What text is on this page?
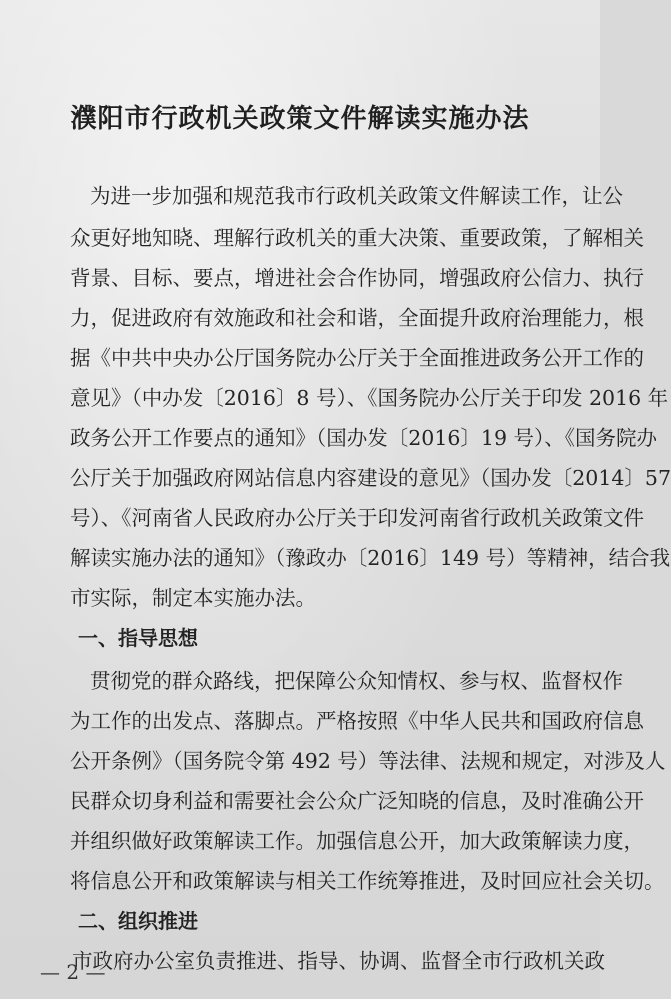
濮阳市行政机关政策文件解读实施办法
为进一步加强和规范我市行政机关政策文件解读工作，让公
众更好地知晓、理解行政机关的重大决策、重要政策，了解相关
背景、目标、要点，增进社会合作协同，增强政府公信力、执行
力，促进政府有效施政和社会和谐，全面提升政府治理能力，根
据《中共中央办公厅国务院办公厅关于全面推进政务公开工作的
意见》（中办发〔2016〕8 号）、《国务院办公厅关于印发 2016 年
政务公开工作要点的通知》（国办发〔2016〕19 号）、《国务院办
公厅关于加强政府网站信息内容建设的意见》（国办发〔2014〕57
号）、《河南省人民政府办公厅关于印发河南省行政机关政策文件
解读实施办法的通知》（豫政办〔2016〕149 号）等精神，结合我
市实际，制定本实施办法。
一、指导思想
贯彻党的群众路线，把保障公众知情权、参与权、监督权作
为工作的出发点、落脚点。严格按照《中华人民共和国政府信息
公开条例》（国务院令第 492 号）等法律、法规和规定，对涉及人
民群众切身利益和需要社会公众广泛知晓的信息，及时准确公开
并组织做好政策解读工作。加强信息公开，加大政策解读力度，
将信息公开和政策解读与相关工作统筹推进，及时回应社会关切。
二、组织推进
市政府办公室负责推进、指导、协调、监督全市行政机关政
— 2 —
